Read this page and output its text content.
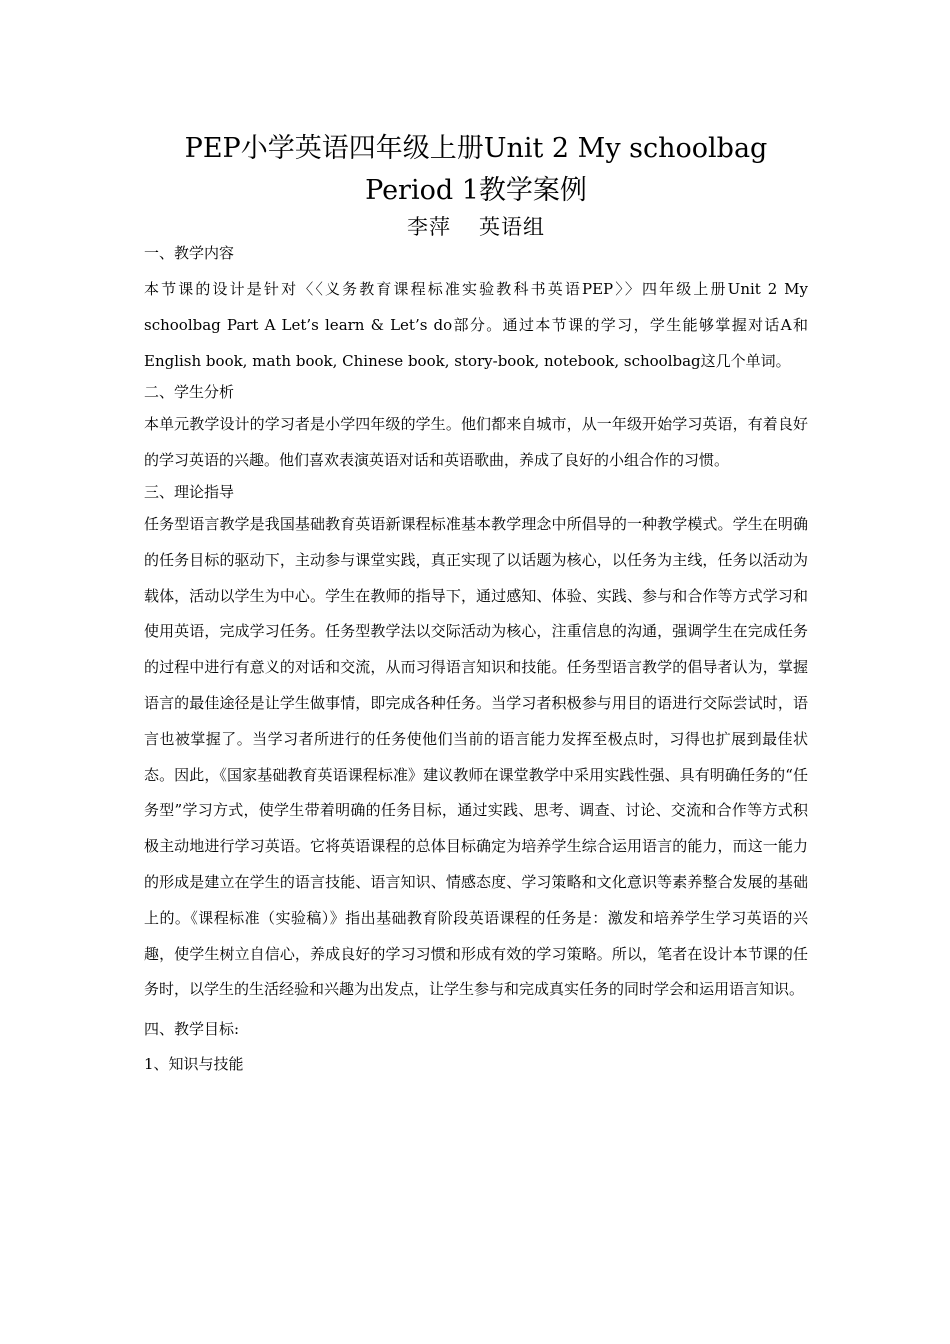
PEP小学英语四年级上册Unit 2 My schoolbag Period 1教学案例

李萍 英语组

一、教学内容

本节课的设计是针对〈〈义务教育课程标准实验教科书英语PEP〉〉四年级上册Unit 2 My schoolbag Part A Let’s learn & Let’s do部分。通过本节课的学习，学生能够掌握对话A和English book, math book, Chinese book, story-book, notebook, schoolbag这几个单词。

二、学生分析

本单元教学设计的学习者是小学四年级的学生。他们都来自城市，从一年级开始学习英语，有着良好的学习英语的兴趣。他们喜欢表演英语对话和英语歌曲，养成了良好的小组合作的习惯。

三、理论指导

任务型语言教学是我国基础教育英语新课程标准基本教学理念中所倡导的一种教学模式。学生在明确的任务目标的驱动下，主动参与课堂实践，真正实现了以话题为核心，以任务为主线，任务以活动为载体，活动以学生为中心。学生在教师的指导下，通过感知、体验、实践、参与和合作等方式学习和使用英语，完成学习任务。任务型教学法以交际活动为核心，注重信息的沟通，强调学生在完成任务的过程中进行有意义的对话和交流，从而习得语言知识和技能。任务型语言教学的倡导者认为，掌握语言的最佳途径是让学生做事情，即完成各种任务。当学习者积极参与用目的语进行交际尝试时，语言也被掌握了。当学习者所进行的任务使他们当前的语言能力发挥至极点时，习得也扩展到最佳状态。因此，《国家基础教育英语课程标准》建议教师在课堂教学中采用实践性强、具有明确任务的“任务型”学习方式，使学生带着明确的任务目标，通过实践、思考、调查、讨论、交流和合作等方式积极主动地进行学习英语。它将英语课程的总体目标确定为培养学生综合运用语言的能力，而这一能力的形成是建立在学生的语言技能、语言知识、情感态度、学习策略和文化意识等素养整合发展的基础上的。《课程标准（实验稿）》指出基础教育阶段英语课程的任务是：激发和培养学生学习英语的兴趣，使学生树立自信心，养成良好的学习习惯和形成有效的学习策略。所以，笔者在设计本节课的任务时，以学生的生活经验和兴趣为出发点，让学生参与和完成真实任务的同时学会和运用语言知识。

四、教学目标:

1、知识与技能
